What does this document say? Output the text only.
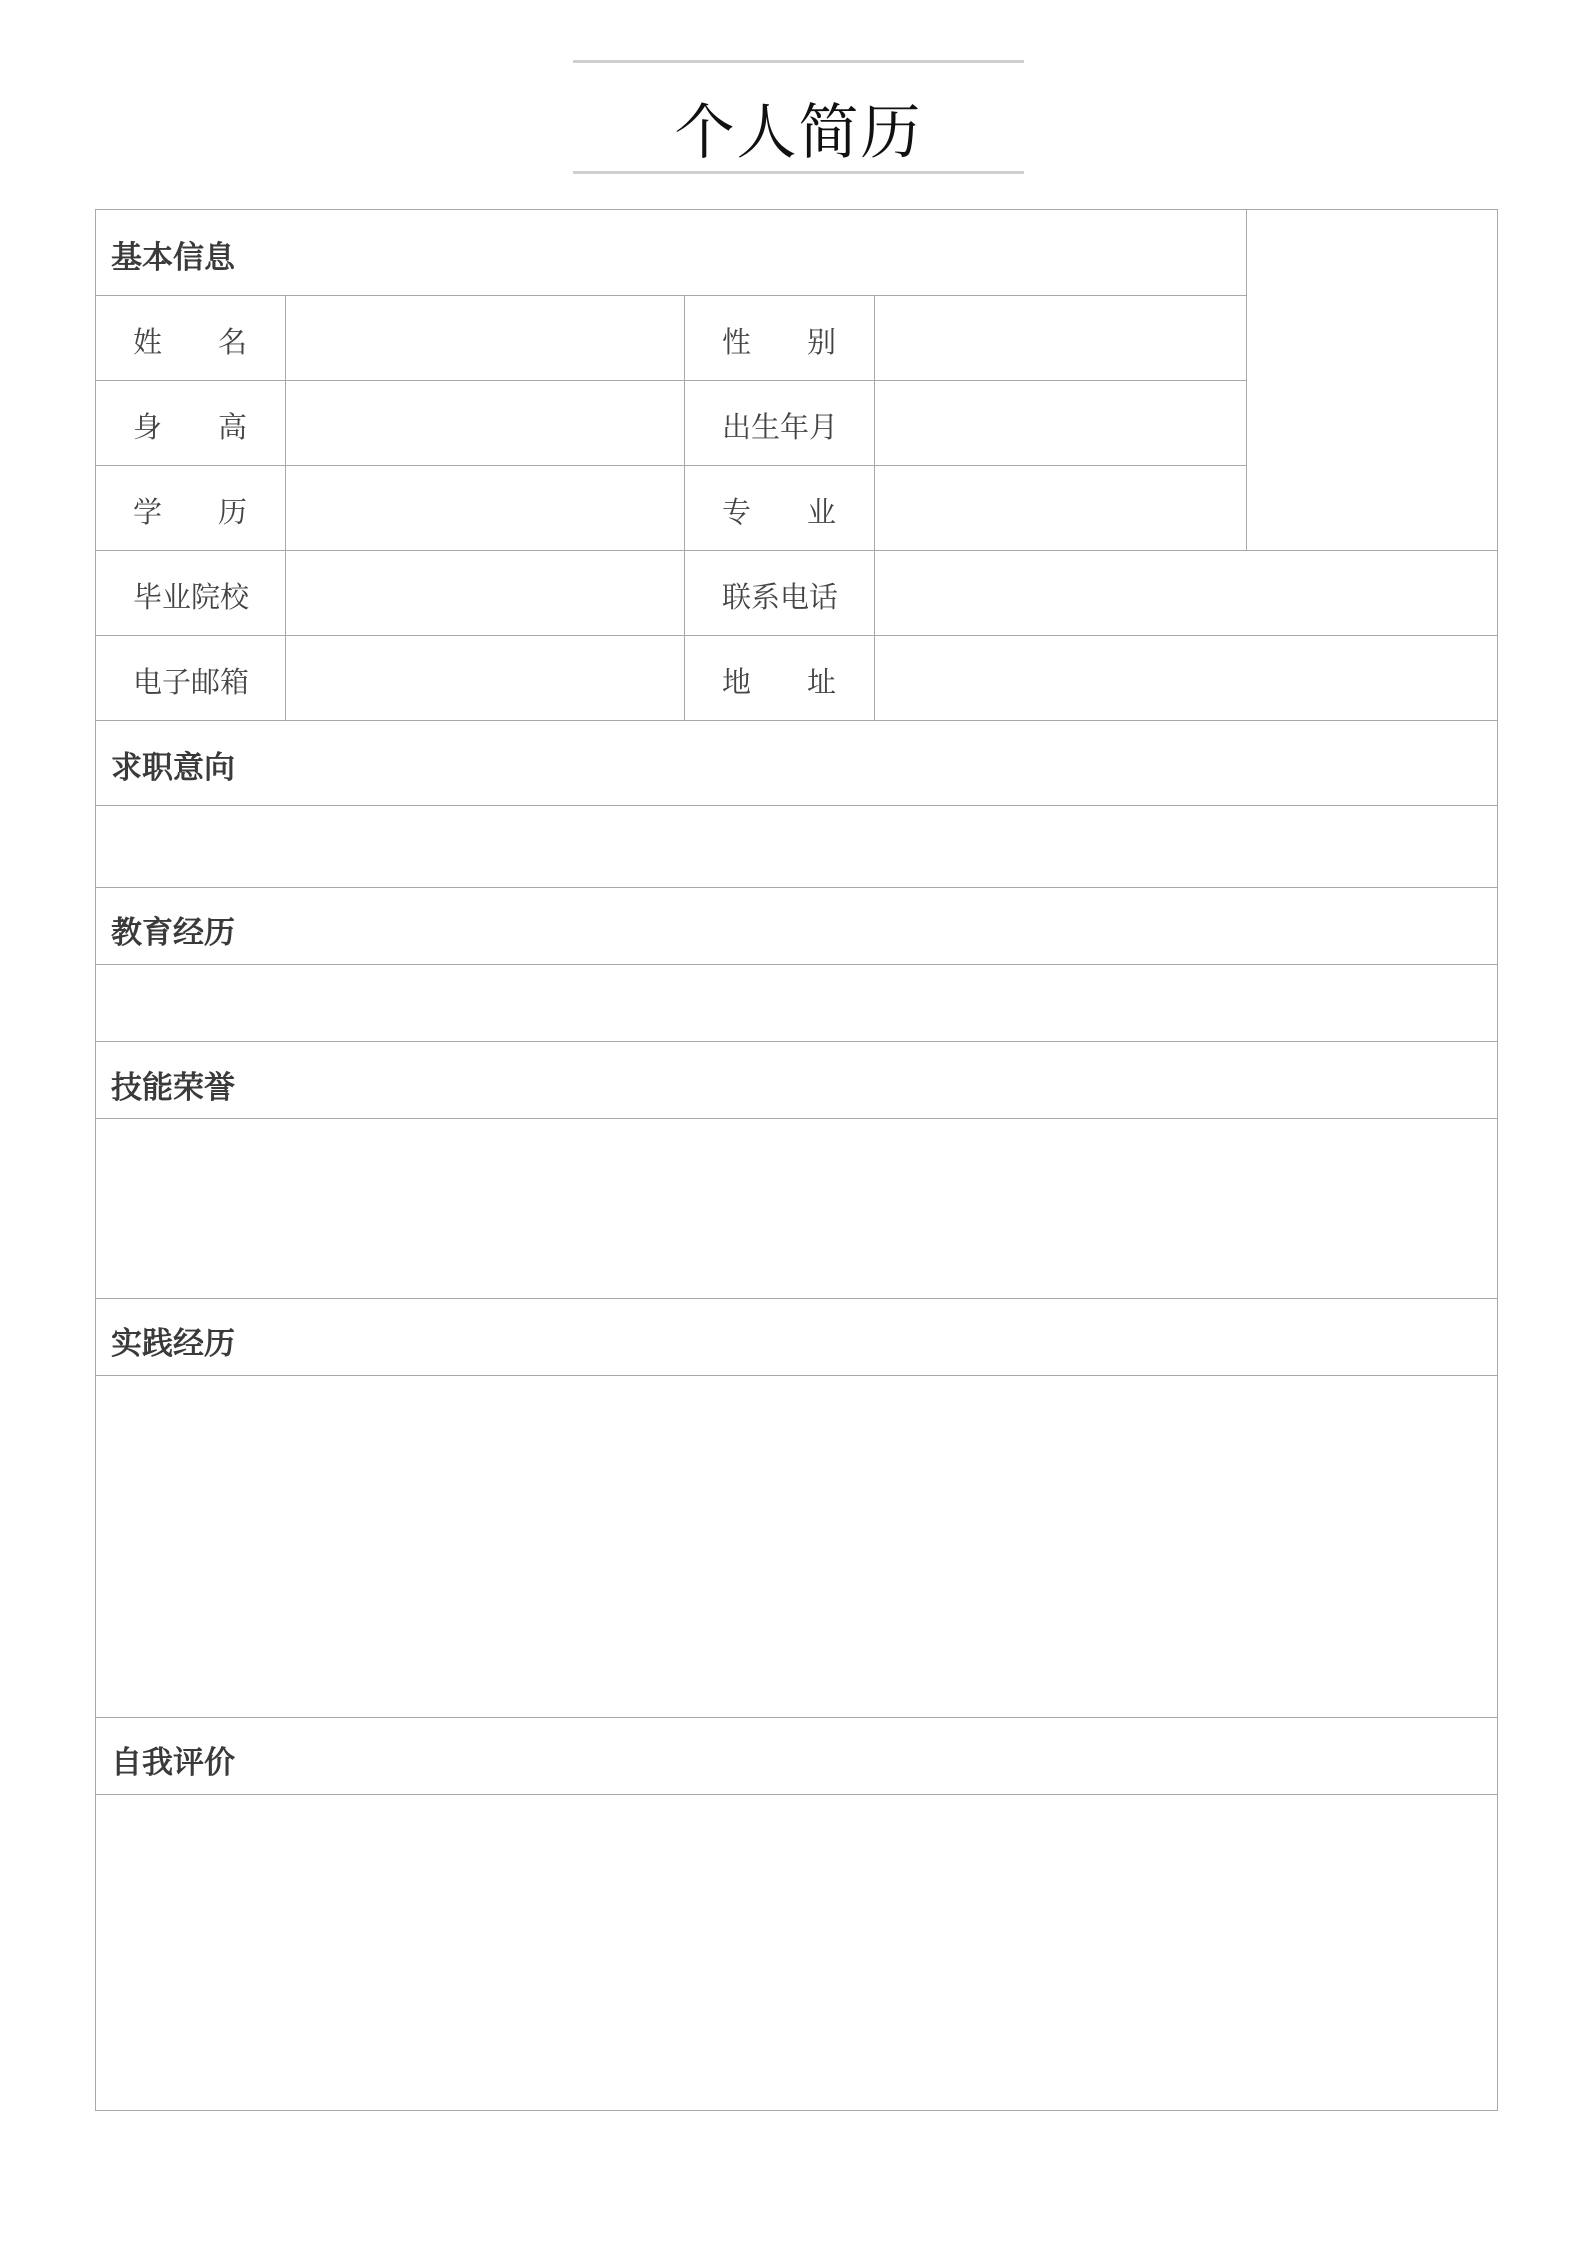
个人简历
基本信息
求职意向
教育经历
技能荣誉
实践经历
自我评价
姓 名
身 高
学 历
毕业院校
电子邮箱
性 别
出生年月
专 业
联系电话
地 址
